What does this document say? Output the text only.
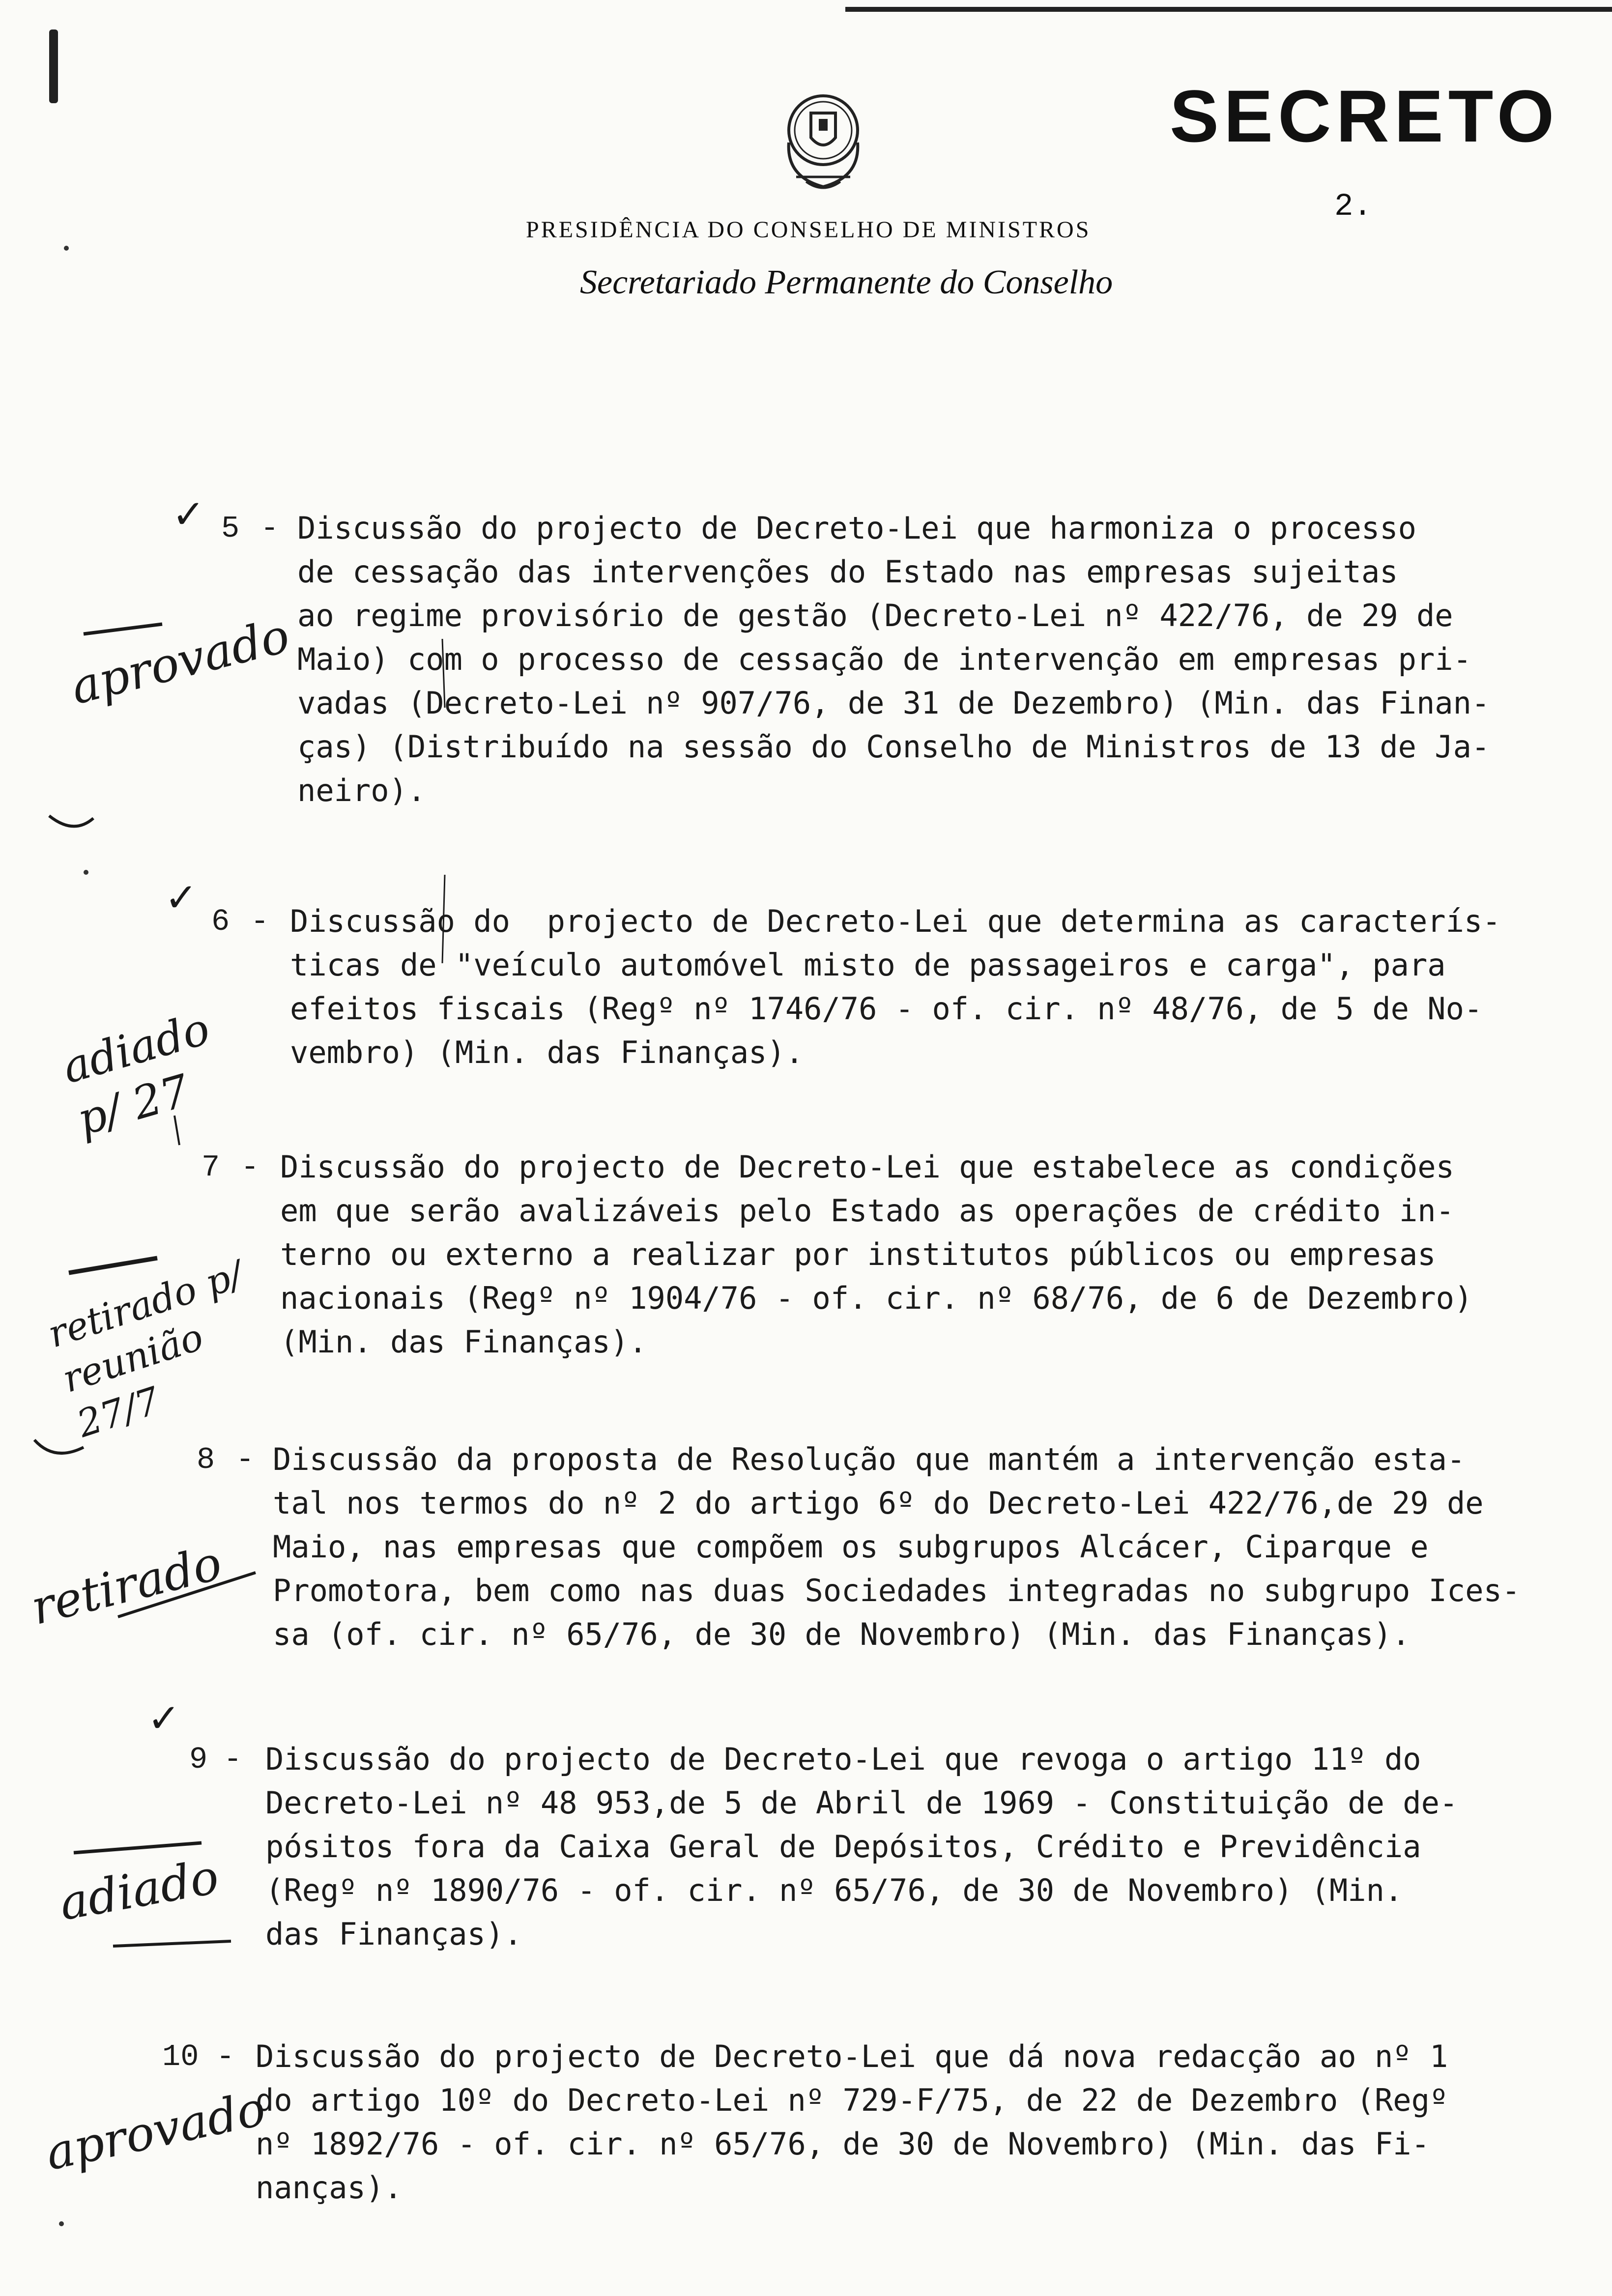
SECRETO
2.
PRESIDÊNCIA DO CONSELHO DE MINISTROS
Secretariado Permanente do Conselho
✓ 5 - Discussão do projecto de Decreto-Lei que harmoniza o processo
de cessação das intervenções do Estado nas empresas sujeitas
ao regime provisório de gestão (Decreto-Lei nº 422/76, de 29 de
Maio) com o processo de cessação de intervenção em empresas pri-
vadas (Decreto-Lei nº 907/76, de 31 de Dezembro) (Min. das Finan-
ças) (Distribuído na sessão do Conselho de Ministros de 13 de Ja-
neiro).
aprovado
✓
6 - Discussão do  projecto de Decreto-Lei que determina as caracterís-
ticas de "veículo automóvel misto de passageiros e carga", para
efeitos fiscais (Regº nº 1746/76 - of. cir. nº 48/76, de 5 de No-
vembro) (Min. das Finanças).
adiado p/ 27
7 - Discussão do projecto de Decreto-Lei que estabelece as condições
em que serão avalizáveis pelo Estado as operações de crédito in-
terno ou externo a realizar por institutos públicos ou empresas
nacionais (Regº nº 1904/76 - of. cir. nº 68/76, de 6 de Dezembro)
(Min. das Finanças).
retirado p/ reunião 27/7
8 - Discussão da proposta de Resolução que mantém a intervenção esta-
tal nos termos do nº 2 do artigo 6º do Decreto-Lei 422/76,de 29 de
Maio, nas empresas que compõem os subgrupos Alcácer, Ciparque e
Promotora, bem como nas duas Sociedades integradas no subgrupo Ices-
sa (of. cir. nº 65/76, de 30 de Novembro) (Min. das Finanças).
retirado
✓
9 - Discussão do projecto de Decreto-Lei que revoga o artigo 11º do
Decreto-Lei nº 48 953,de 5 de Abril de 1969 - Constituição de de-
pósitos fora da Caixa Geral de Depósitos, Crédito e Previdência
(Regº nº 1890/76 - of. cir. nº 65/76, de 30 de Novembro) (Min.
das Finanças).
adiado
10 - Discussão do projecto de Decreto-Lei que dá nova redacção ao nº 1
do artigo 10º do Decreto-Lei nº 729-F/75, de 22 de Dezembro (Regº
nº 1892/76 - of. cir. nº 65/76, de 30 de Novembro) (Min. das Fi-
nanças).
aprovado
